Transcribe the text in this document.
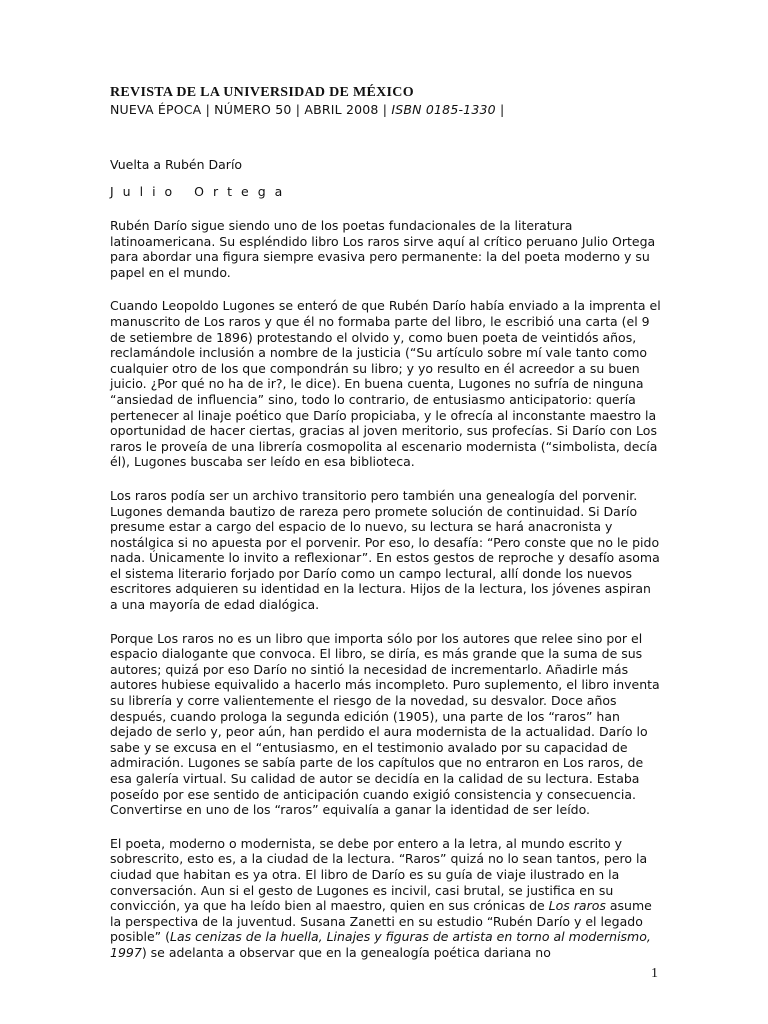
REVISTA DE LA UNIVERSIDAD DE MÉXICO

NUEVA ÉPOCA | NÚMERO 50 | ABRIL 2008 | ISBN 0185-1330 |

Vuelta a Rubén Darío

Julio Ortega

Rubén Darío sigue siendo uno de los poetas fundacionales de la literatura latinoamericana. Su espléndido libro Los raros sirve aquí al crítico peruano Julio Ortega para abordar una figura siempre evasiva pero permanente: la del poeta moderno y su papel en el mundo.

Cuando Leopoldo Lugones se enteró de que Rubén Darío había enviado a la imprenta el manuscrito de Los raros y que él no formaba parte del libro, le escribió una carta (el 9 de setiembre de 1896) protestando el olvido y, como buen poeta de veintidós años, reclamándole inclusión a nombre de la justicia (“Su artículo sobre mí vale tanto como cualquier otro de los que compondrán su libro; y yo resulto en él acreedor a su buen juicio. ¿Por qué no ha de ir?, le dice). En buena cuenta, Lugones no sufría de ninguna “ansiedad de influencia” sino, todo lo contrario, de entusiasmo anticipatorio: quería pertenecer al linaje poético que Darío propiciaba, y le ofrecía al inconstante maestro la oportunidad de hacer ciertas, gracias al joven meritorio, sus profecías. Si Darío con Los raros le proveía de una librería cosmopolita al escenario modernista (“simbolista, decía él), Lugones buscaba ser leído en esa biblioteca.

Los raros podía ser un archivo transitorio pero también una genealogía del porvenir. Lugones demanda bautizo de rareza pero promete solución de continuidad. Si Darío presume estar a cargo del espacio de lo nuevo, su lectura se hará anacronista y nostálgica si no apuesta por el porvenir. Por eso, lo desafía: “Pero conste que no le pido nada. Únicamente lo invito a reflexionar”. En estos gestos de reproche y desafío asoma el sistema literario forjado por Darío como un campo lectural, allí donde los nuevos escritores adquieren su identidad en la lectura. Hijos de la lectura, los jóvenes aspiran a una mayoría de edad dialógica.

Porque Los raros no es un libro que importa sólo por los autores que relee sino por el espacio dialogante que convoca. El libro, se diría, es más grande que la suma de sus autores; quizá por eso Darío no sintió la necesidad de incrementarlo. Añadirle más autores hubiese equivalido a hacerlo más incompleto. Puro suplemento, el libro inventa su librería y corre valientemente el riesgo de la novedad, su desvalor. Doce años después, cuando prologa la segunda edición (1905), una parte de los “raros” han dejado de serlo y, peor aún, han perdido el aura modernista de la actualidad. Darío lo sabe y se excusa en el “entusiasmo, en el testimonio avalado por su capacidad de admiración. Lugones se sabía parte de los capítulos que no entraron en Los raros, de esa galería virtual. Su calidad de autor se decidía en la calidad de su lectura. Estaba poseído por ese sentido de anticipación cuando exigió consistencia y consecuencia. Convertirse en uno de los “raros” equivalía a ganar la identidad de ser leído.

El poeta, moderno o modernista, se debe por entero a la letra, al mundo escrito y sobrescrito, esto es, a la ciudad de la lectura. “Raros” quizá no lo sean tantos, pero la ciudad que habitan es ya otra. El libro de Darío es su guía de viaje ilustrado en la conversación. Aun si el gesto de Lugones es incivil, casi brutal, se justifica en su convicción, ya que ha leído bien al maestro, quien en sus crónicas de Los raros asume la perspectiva de la juventud. Susana Zanetti en su estudio “Rubén Darío y el legado posible” (Las cenizas de la huella, Linajes y figuras de artista en torno al modernismo, 1997) se adelanta a observar que en la genealogía poética dariana no

1
